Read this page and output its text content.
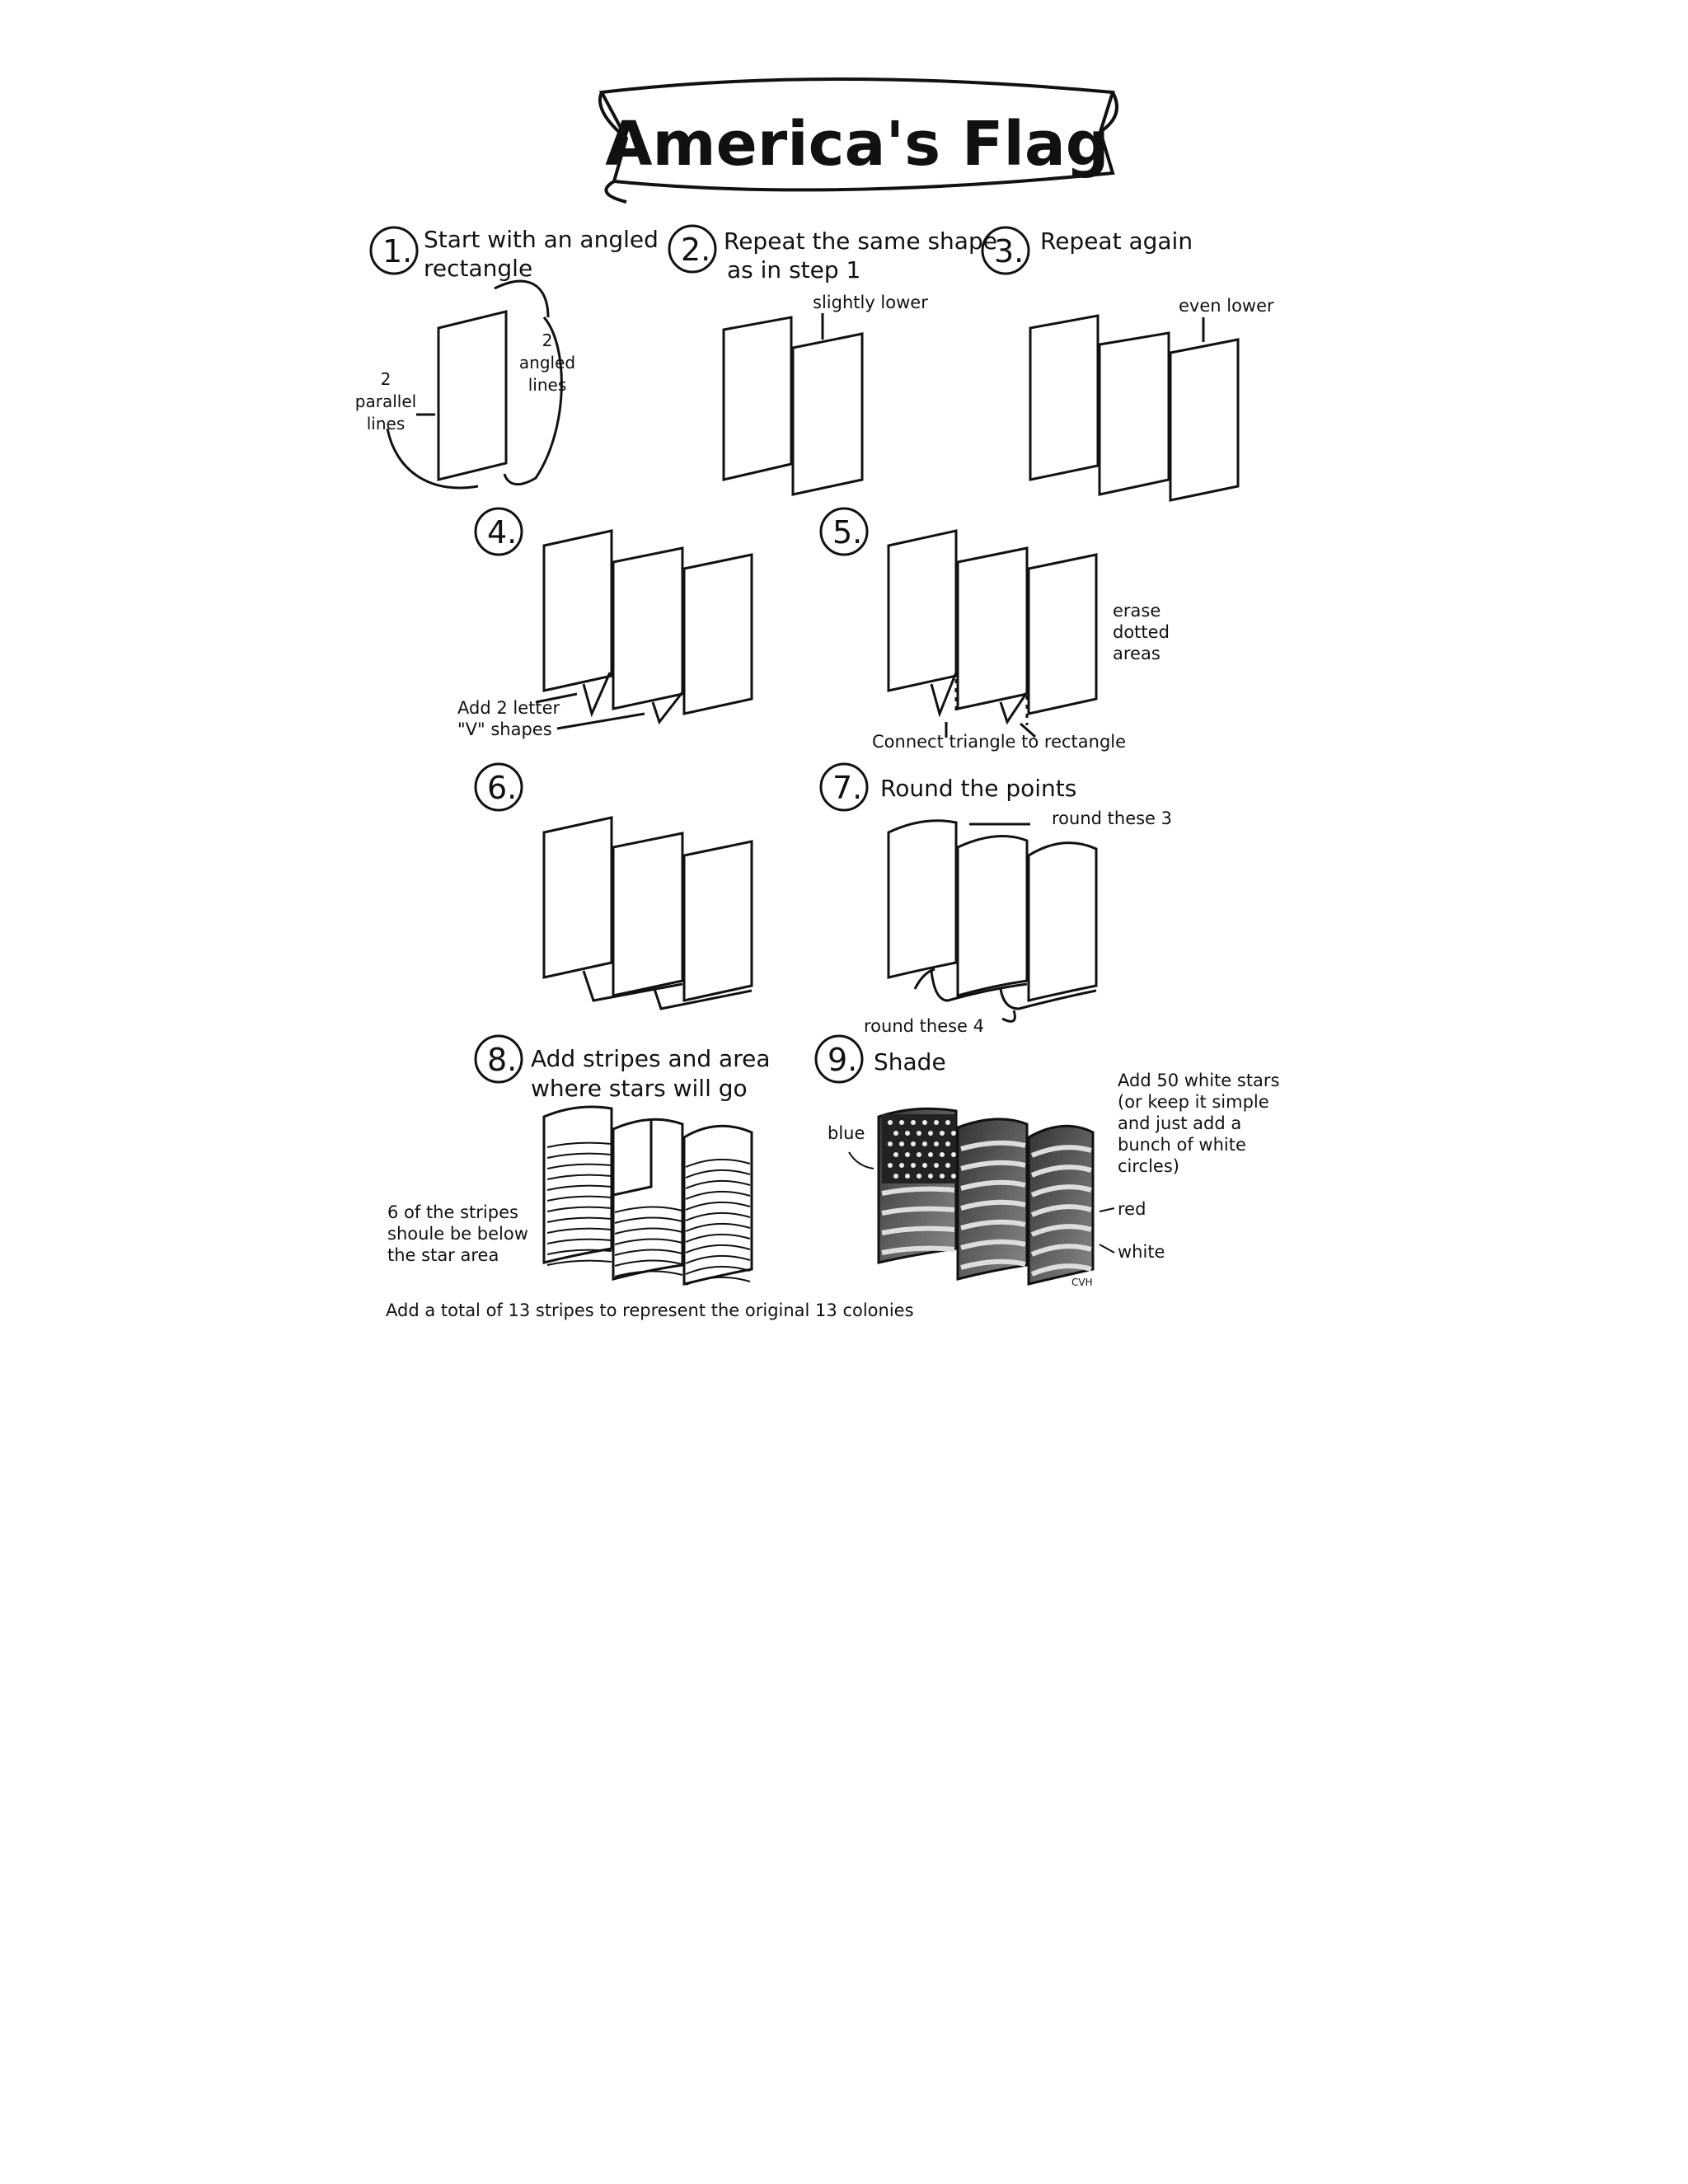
America's Flag
1. Start with an angled
rectangle
2
parallel
lines
2
angled
lines
2. Repeat the same shape
as in step 1
slightly lower
3. Repeat again
even lower
4.
Add 2 letter
"V" shapes
5.
erase
dotted
areas
Connect triangle to rectangle
6.	7. Round the points
round these 3
round these 4
8. Add stripes and area
where stars will go
6 of the stripes
shoule be below
the star area
9. Shade
blue
Add 50 white stars
(or keep it simple
and just add a
bunch of white
circles)
red
white
CVH
Add a total of 13 stripes to represent the original 13 colonies
